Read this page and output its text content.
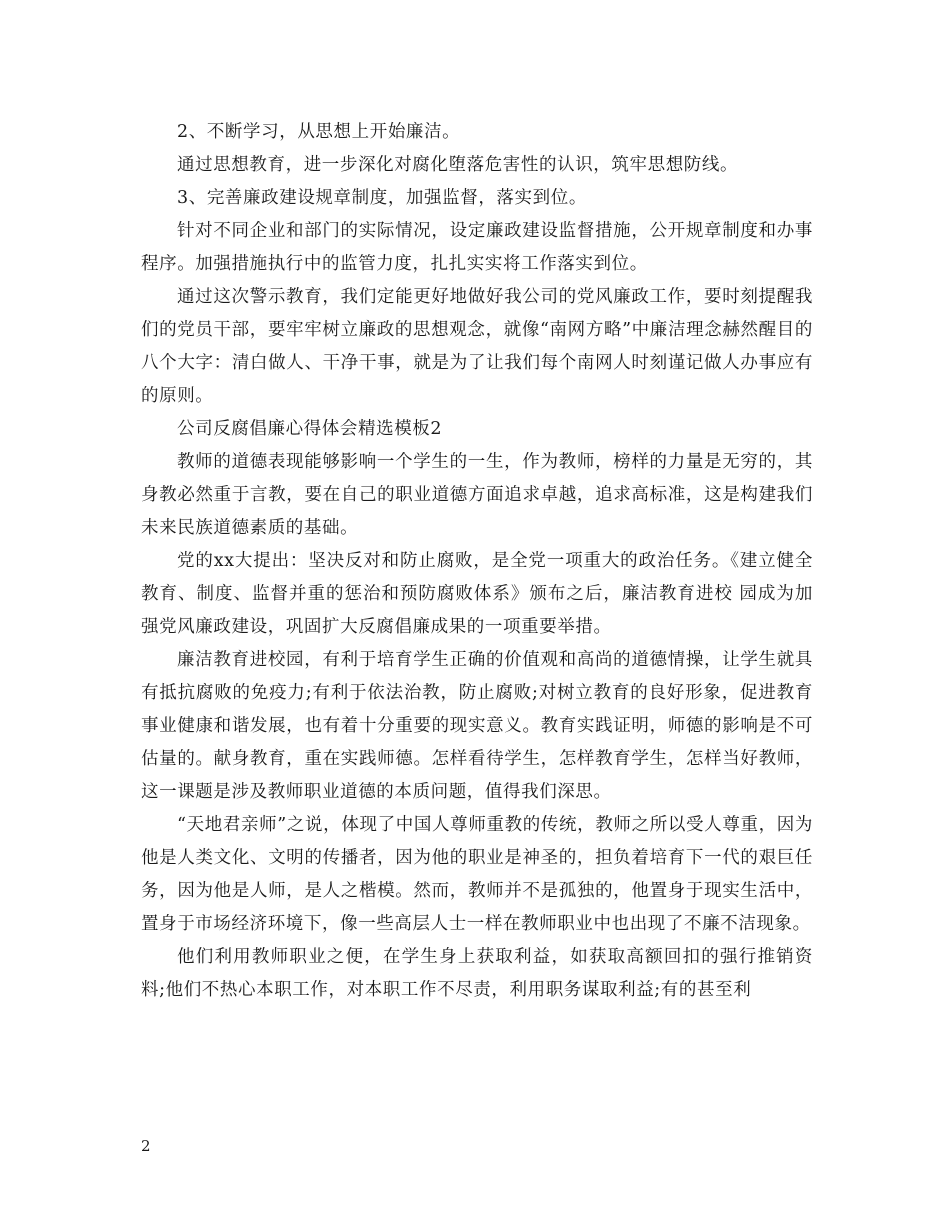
2、不断学习，从思想上开始廉洁。

通过思想教育，进一步深化对腐化堕落危害性的认识，筑牢思想防线。

3、完善廉政建设规章制度，加强监督，落实到位。

针对不同企业和部门的实际情况，设定廉政建设监督措施，公开规章制度和办事程序。加强措施执行中的监管力度，扎扎实实将工作落实到位。

通过这次警示教育，我们定能更好地做好我公司的党风廉政工作，要时刻提醒我们的党员干部，要牢牢树立廉政的思想观念，就像“南网方略”中廉洁理念赫然醒目的八个大字：清白做人、干净干事，就是为了让我们每个南网人时刻谨记做人办事应有的原则。

公司反腐倡廉心得体会精选模板2

教师的道德表现能够影响一个学生的一生，作为教师，榜样的力量是无穷的，其身教必然重于言教，要在自己的职业道德方面追求卓越，追求高标准，这是构建我们未来民族道德素质的基础。

党的xx大提出：坚决反对和防止腐败，是全党一项重大的政治任务。《建立健全教育、制度、监督并重的惩治和预防腐败体系》颁布之后，廉洁教育进校 园成为加强党风廉政建设，巩固扩大反腐倡廉成果的一项重要举措。

廉洁教育进校园，有利于培育学生正确的价值观和高尚的道德情操，让学生就具有抵抗腐败的免疫力;有利于依法治教，防止腐败;对树立教育的良好形象，促进教育事业健康和谐发展，也有着十分重要的现实意义。教育实践证明，师德的影响是不可估量的。献身教育，重在实践师德。怎样看待学生，怎样教育学生，怎样当好教师，这一课题是涉及教师职业道德的本质问题，值得我们深思。

“天地君亲师”之说，体现了中国人尊师重教的传统，教师之所以受人尊重，因为他是人类文化、文明的传播者，因为他的职业是神圣的，担负着培育下一代的艰巨任务，因为他是人师，是人之楷模。然而，教师并不是孤独的，他置身于现实生活中，置身于市场经济环境下，像一些高层人士一样在教师职业中也出现了不廉不洁现象。

他们利用教师职业之便，在学生身上获取利益，如获取高额回扣的强行推销资料;他们不热心本职工作，对本职工作不尽责，利用职务谋取利益;有的甚至利

2
